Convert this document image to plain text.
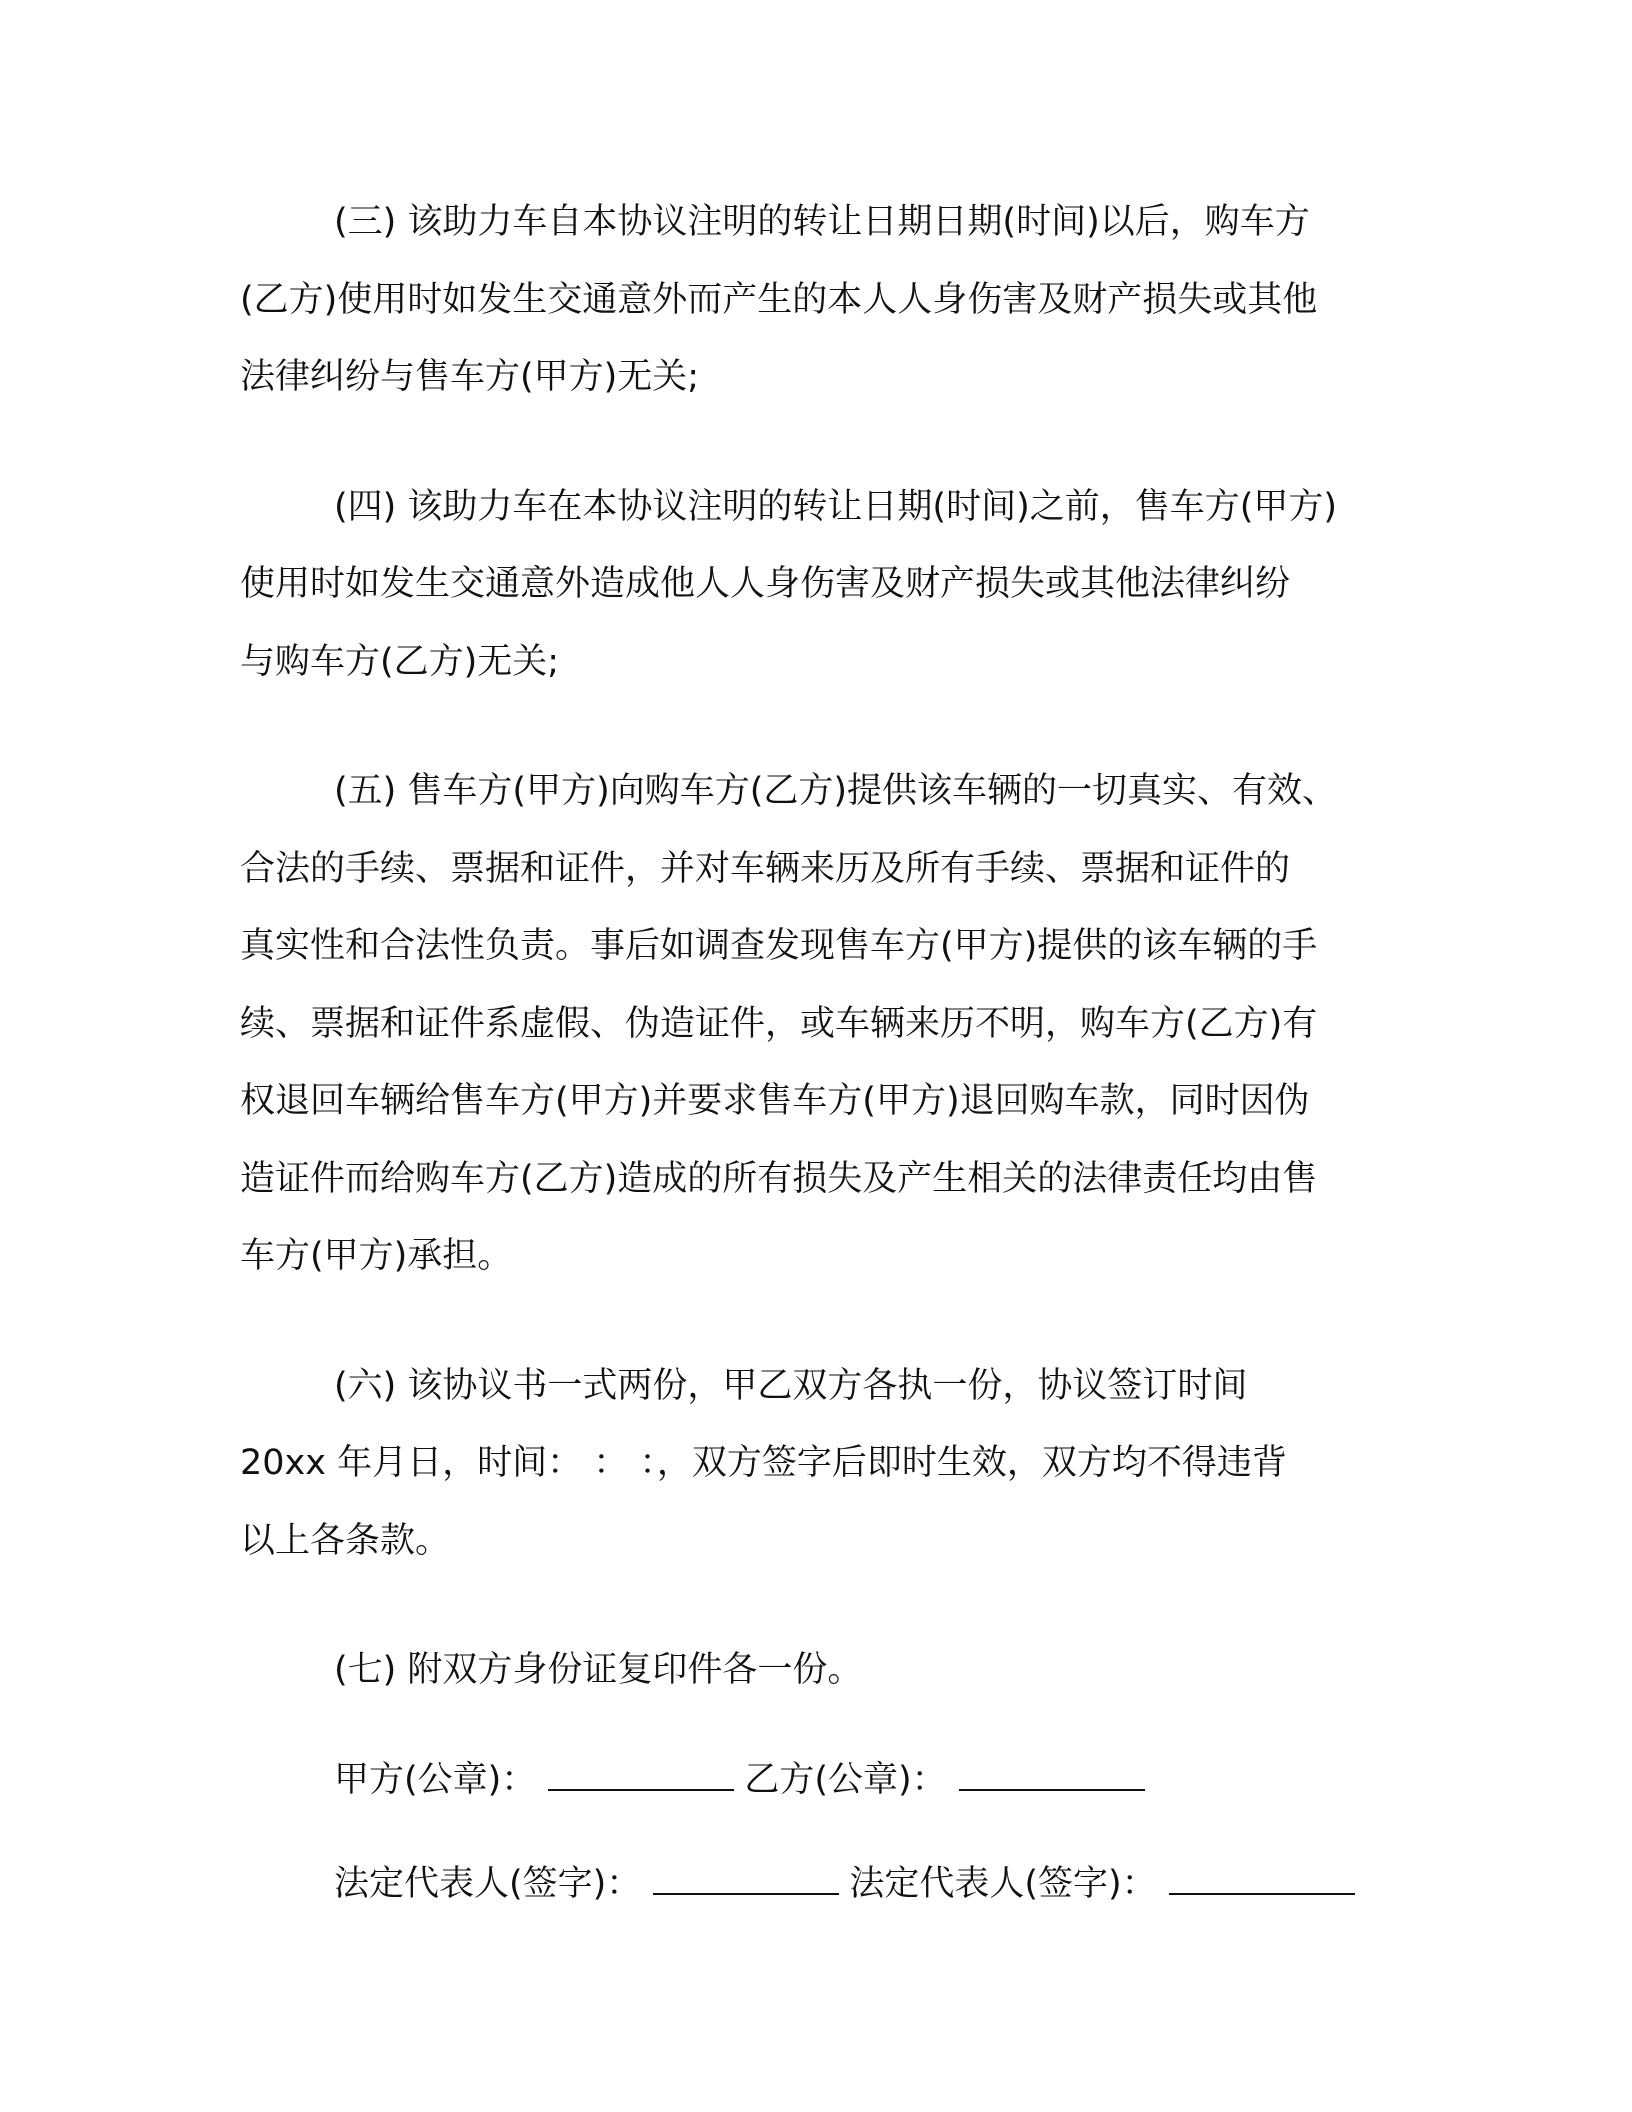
(三) 该助力车自本协议注明的转让日期日期(时间)以后，购车方
(乙方)使用时如发生交通意外而产生的本人人身伤害及财产损失或其他
法律纠纷与售车方(甲方)无关;
(四) 该助力车在本协议注明的转让日期(时间)之前，售车方(甲方)
使用时如发生交通意外造成他人人身伤害及财产损失或其他法律纠纷
与购车方(乙方)无关;
(五) 售车方(甲方)向购车方(乙方)提供该车辆的一切真实、有效、
合法的手续、票据和证件，并对车辆来历及所有手续、票据和证件的
真实性和合法性负责。事后如调查发现售车方(甲方)提供的该车辆的手
续、票据和证件系虚假、伪造证件，或车辆来历不明，购车方(乙方)有
权退回车辆给售车方(甲方)并要求售车方(甲方)退回购车款，同时因伪
造证件而给购车方(乙方)造成的所有损失及产生相关的法律责任均由售
车方(甲方)承担。
(六) 该协议书一式两份，甲乙双方各执一份，协议签订时间
20xx 年月日，时间： ： ：，双方签字后即时生效，双方均不得违背
以上各条款。
(七) 附双方身份证复印件各一份。
甲方(公章)：	乙方(公章)：
法定代表人(签字)：	法定代表人(签字)：
